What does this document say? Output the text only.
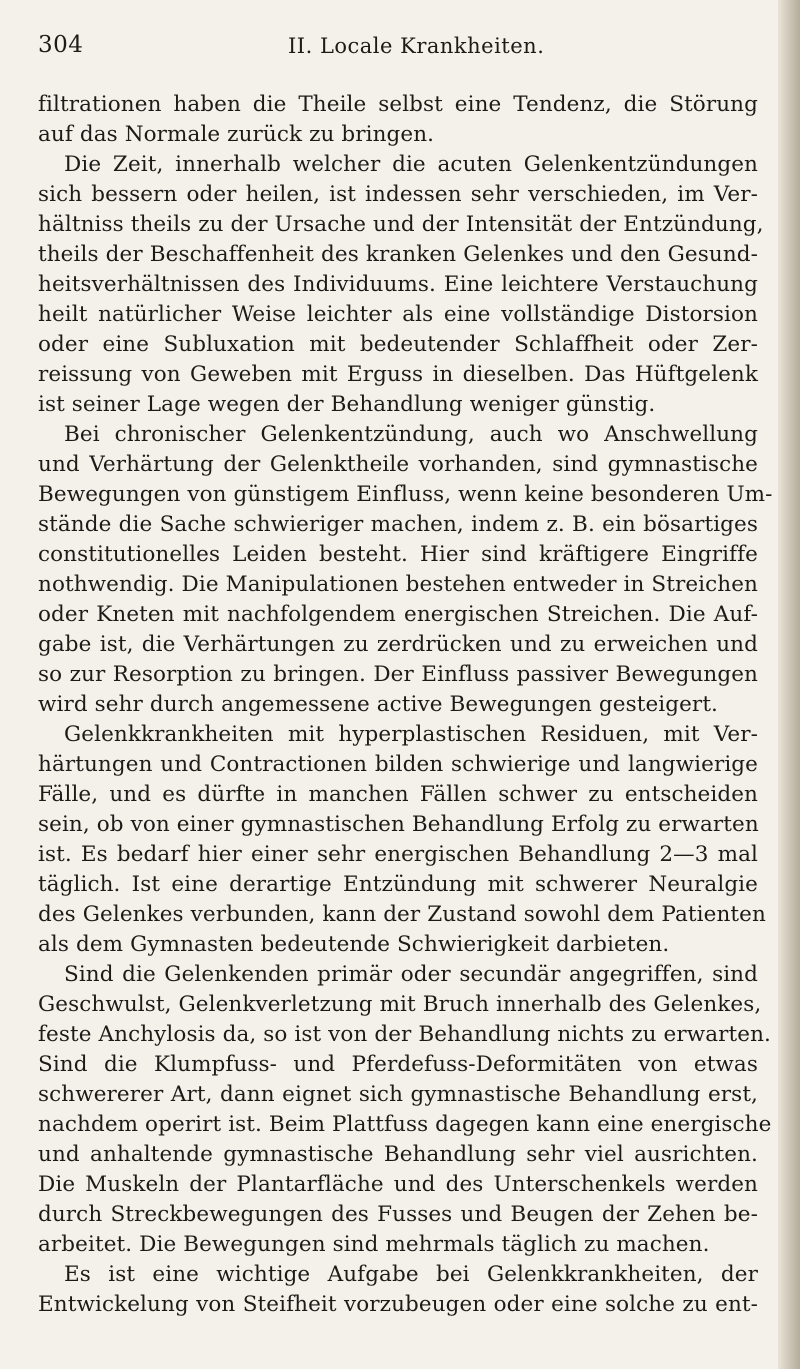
304	II. Locale Krankheiten.
filtrationen haben die Theile selbst eine Tendenz, die Störung
auf das Normale zurück zu bringen.
Die Zeit, innerhalb welcher die acuten Gelenkentzündungen
sich bessern oder heilen, ist indessen sehr verschieden, im Ver-
hältniss theils zu der Ursache und der Intensität der Entzündung,
theils der Beschaffenheit des kranken Gelenkes und den Gesund-
heitsverhältnissen des Individuums. Eine leichtere Verstauchung
heilt natürlicher Weise leichter als eine vollständige Distorsion
oder eine Subluxation mit bedeutender Schlaffheit oder Zer-
reissung von Geweben mit Erguss in dieselben. Das Hüftgelenk
ist seiner Lage wegen der Behandlung weniger günstig.
Bei chronischer Gelenkentzündung, auch wo Anschwellung
und Verhärtung der Gelenktheile vorhanden, sind gymnastische
Bewegungen von günstigem Einfluss, wenn keine besonderen Um-
stände die Sache schwieriger machen, indem z. B. ein bösartiges
constitutionelles Leiden besteht. Hier sind kräftigere Eingriffe
nothwendig. Die Manipulationen bestehen entweder in Streichen
oder Kneten mit nachfolgendem energischen Streichen. Die Auf-
gabe ist, die Verhärtungen zu zerdrücken und zu erweichen und
so zur Resorption zu bringen. Der Einfluss passiver Bewegungen
wird sehr durch angemessene active Bewegungen gesteigert.
Gelenkkrankheiten mit hyperplastischen Residuen, mit Ver-
härtungen und Contractionen bilden schwierige und langwierige
Fälle, und es dürfte in manchen Fällen schwer zu entscheiden
sein, ob von einer gymnastischen Behandlung Erfolg zu erwarten
ist. Es bedarf hier einer sehr energischen Behandlung 2—3 mal
täglich. Ist eine derartige Entzündung mit schwerer Neuralgie
des Gelenkes verbunden, kann der Zustand sowohl dem Patienten
als dem Gymnasten bedeutende Schwierigkeit darbieten.
Sind die Gelenkenden primär oder secundär angegriffen, sind
Geschwulst, Gelenkverletzung mit Bruch innerhalb des Gelenkes,
feste Anchylosis da, so ist von der Behandlung nichts zu erwarten.
Sind die Klumpfuss- und Pferdefuss-Deformitäten von etwas
schwererer Art, dann eignet sich gymnastische Behandlung erst,
nachdem operirt ist. Beim Plattfuss dagegen kann eine energische
und anhaltende gymnastische Behandlung sehr viel ausrichten.
Die Muskeln der Plantarfläche und des Unterschenkels werden
durch Streckbewegungen des Fusses und Beugen der Zehen be-
arbeitet. Die Bewegungen sind mehrmals täglich zu machen.
Es ist eine wichtige Aufgabe bei Gelenkkrankheiten, der
Entwickelung von Steifheit vorzubeugen oder eine solche zu ent-
